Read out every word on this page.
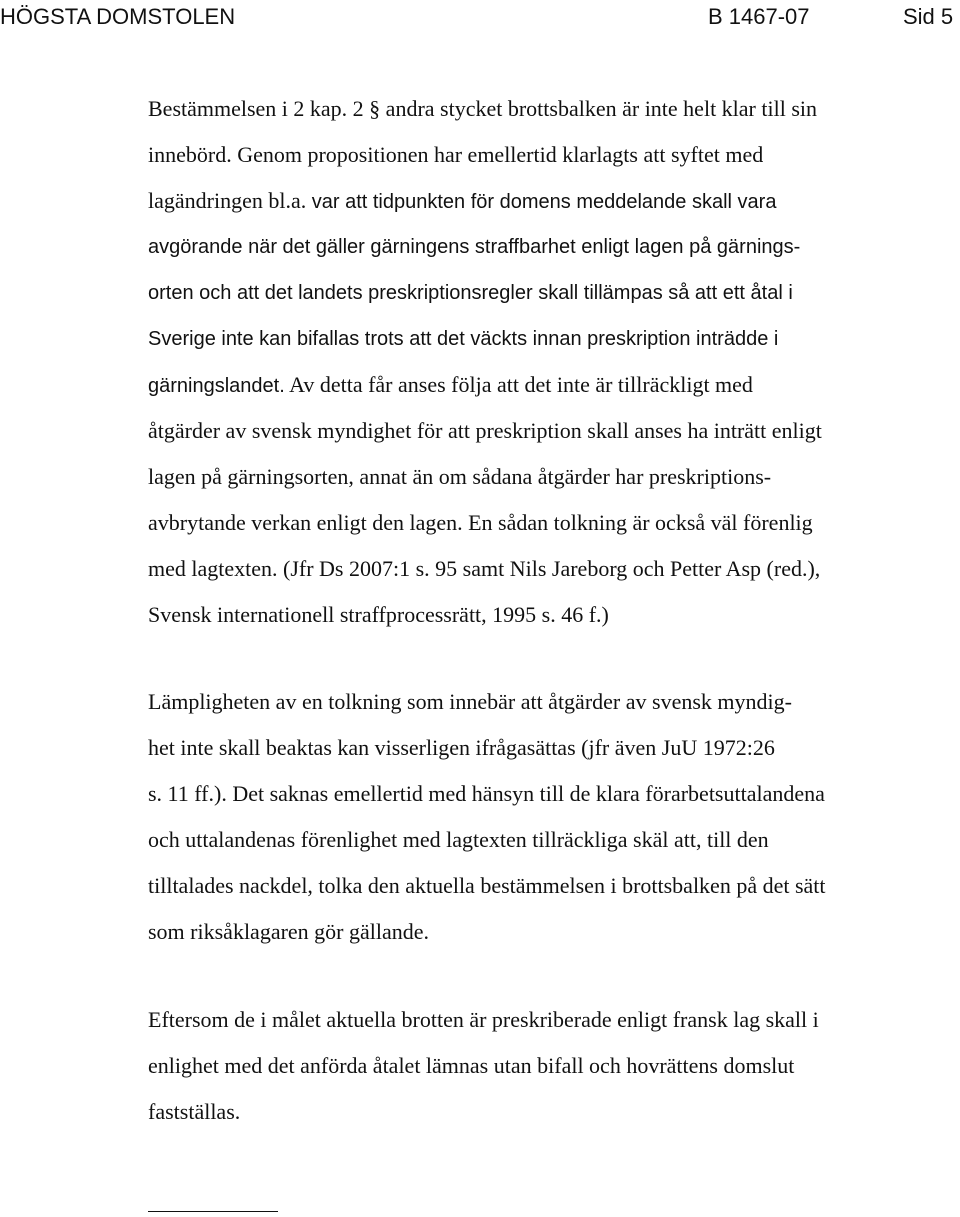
HÖGSTA DOMSTOLEN	B 1467-07	Sid 5
Bestämmelsen i 2 kap. 2 § andra stycket brottsbalken är inte helt klar till sin
innebörd. Genom propositionen har emellertid klarlagts att syftet med
lagändringen bl.a. var att tidpunkten för domens meddelande skall vara
avgörande när det gäller gärningens straffbarhet enligt lagen på gärnings-
orten och att det landets preskriptionsregler skall tillämpas så att ett åtal i
Sverige inte kan bifallas trots att det väckts innan preskription inträdde i
gärningslandet. Av detta får anses följa att det inte är tillräckligt med
åtgärder av svensk myndighet för att preskription skall anses ha inträtt enligt
lagen på gärningsorten, annat än om sådana åtgärder har preskriptions-
avbrytande verkan enligt den lagen. En sådan tolkning är också väl förenlig
med lagtexten. (Jfr Ds 2007:1 s. 95 samt Nils Jareborg och Petter Asp (red.),
Svensk internationell straffprocessrätt, 1995 s. 46 f.)
Lämpligheten av en tolkning som innebär att åtgärder av svensk myndig-
het inte skall beaktas kan visserligen ifrågasättas (jfr även JuU 1972:26
s. 11 ff.). Det saknas emellertid med hänsyn till de klara förarbetsuttalandena
och uttalandenas förenlighet med lagtexten tillräckliga skäl att, till den
tilltalades nackdel, tolka den aktuella bestämmelsen i brottsbalken på det sätt
som riksåklagaren gör gällande.
Eftersom de i målet aktuella brotten är preskriberade enligt fransk lag skall i
enlighet med det anförda åtalet lämnas utan bifall och hovrättens domslut
fastställas.
